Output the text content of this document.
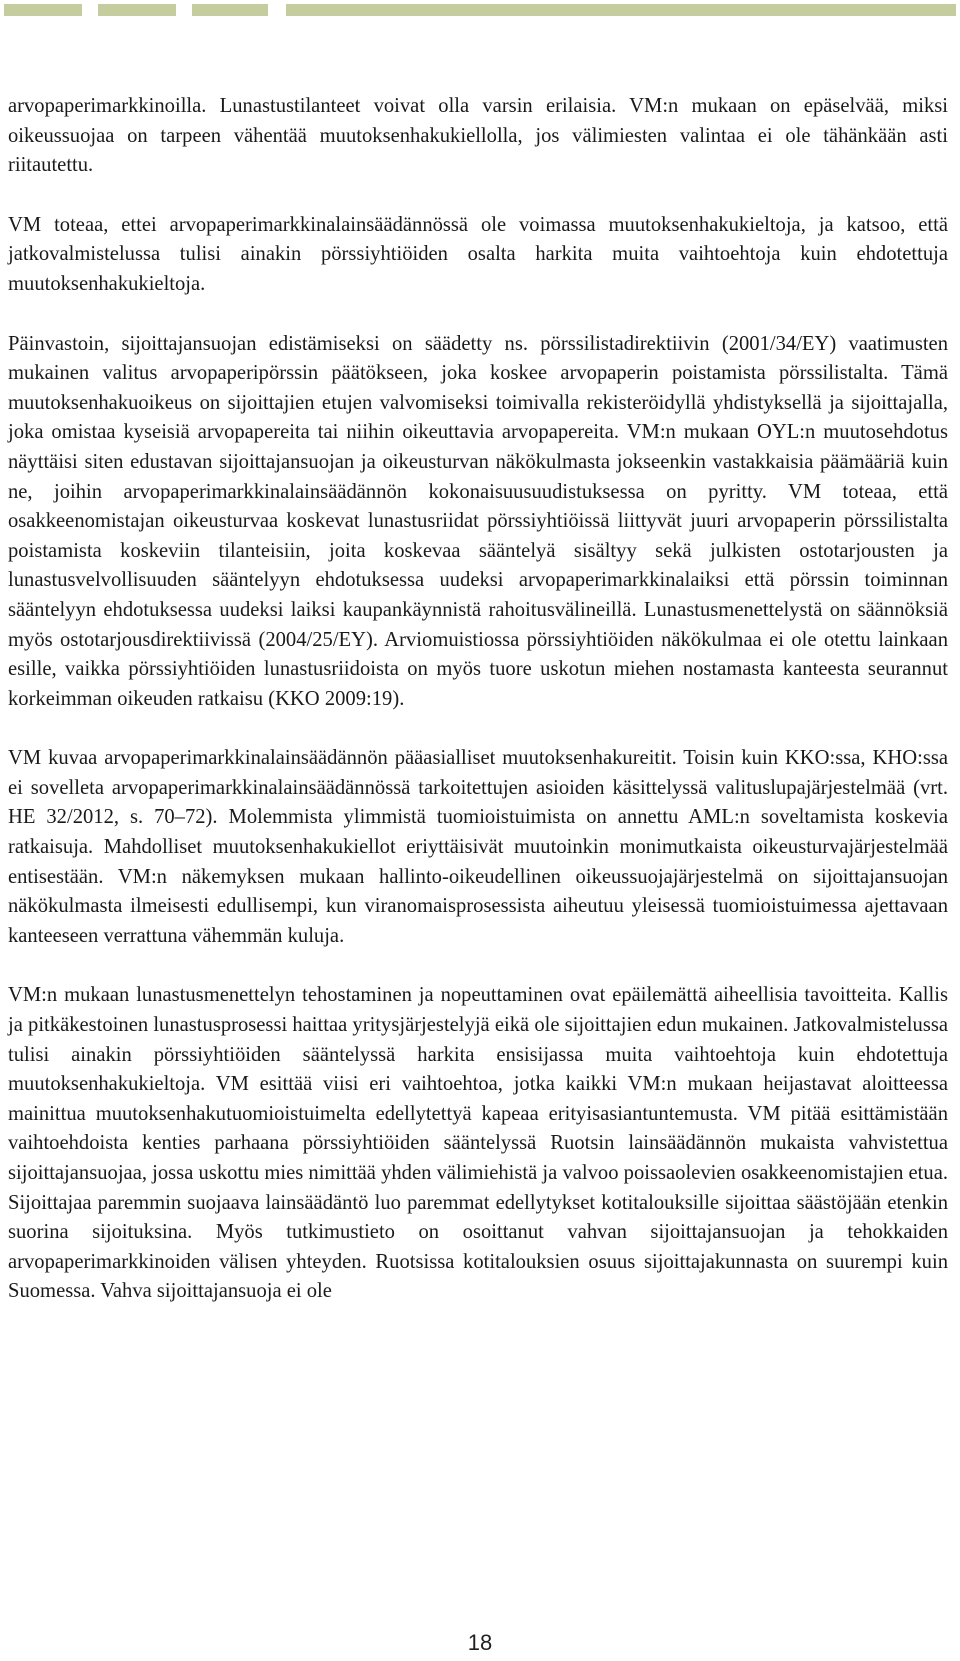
arvopaperimarkkinoilla. Lunastustilanteet voivat olla varsin erilaisia. VM:n mukaan on epäselvää, miksi oikeussuojaa on tarpeen vähentää muutoksenhakukiellolla, jos välimiesten valintaa ei ole tähänkään asti riitautettu.

VM toteaa, ettei arvopaperimarkkinalainsäädännössä ole voimassa muutoksenhakukieltoja, ja katsoo, että jatkovalmistelussa tulisi ainakin pörssiyhtiöiden osalta harkita muita vaihtoehtoja kuin ehdotettuja muutoksenhakukieltoja.

Päinvastoin, sijoittajansuojan edistämiseksi on säädetty ns. pörssilistadirektiivin (2001/34/EY) vaatimusten mukainen valitus arvopaperipörssin päätökseen, joka koskee arvopaperin poistamista pörssilistalta. Tämä muutoksenhakuoikeus on sijoittajien etujen valvomiseksi toimivalla rekisteröidyllä yhdistyksellä ja sijoittajalla, joka omistaa kyseisiä arvopapereita tai niihin oikeuttavia arvopapereita. VM:n mukaan OYL:n muutosehdotus näyttäisi siten edustavan sijoittajansuojan ja oikeusturvan näkökulmasta jokseenkin vastakkaisia päämääriä kuin ne, joihin arvopaperimarkkinalainsäädännön kokonaisuusuudistuksessa on pyritty. VM toteaa, että osakkeenomistajan oikeusturvaa koskevat lunastusriidat pörssiyhtiöissä liittyvät juuri arvopaperin pörssilistalta poistamista koskeviin tilanteisiin, joita koskevaa sääntelyä sisältyy sekä julkisten ostotarjousten ja lunastusvelvollisuuden sääntelyyn ehdotuksessa uudeksi arvopaperimarkkinalaiksi että pörssin toiminnan sääntelyyn ehdotuksessa uudeksi laiksi kaupankäynnistä rahoitusvälineillä. Lunastusmenettelystä on säännöksiä myös ostotarjousdirektiivissä (2004/25/EY). Arviomuistiossa pörssiyhtiöiden näkökulmaa ei ole otettu lainkaan esille, vaikka pörssiyhtiöiden lunastusriidoista on myös tuore uskotun miehen nostamasta kanteesta seurannut korkeimman oikeuden ratkaisu (KKO 2009:19).

VM kuvaa arvopaperimarkkinalainsäädännön pääasialliset muutoksenhakureitit. Toisin kuin KKO:ssa, KHO:ssa ei sovelleta arvopaperimarkkinalainsäädännössä tarkoitettujen asioiden käsittelyssä valituslupajärjestelmää (vrt. HE 32/2012, s. 70–72). Molemmista ylimmistä tuomioistuimista on annettu AML:n soveltamista koskevia ratkaisuja. Mahdolliset muutoksenhakukiellot eriyttäisivät muutoinkin monimutkaista oikeusturvajärjestelmää entisestään. VM:n näkemyksen mukaan hallinto-oikeudellinen oikeussuojajärjestelmä on sijoittajansuojan näkökulmasta ilmeisesti edullisempi, kun viranomaisprosessista aiheutuu yleisessä tuomioistuimessa ajettavaan kanteeseen verrattuna vähemmän kuluja.

VM:n mukaan lunastusmenettelyn tehostaminen ja nopeuttaminen ovat epäilemättä aiheellisia tavoitteita. Kallis ja pitkäkestoinen lunastusprosessi haittaa yritysjärjestelyjä eikä ole sijoittajien edun mukainen. Jatkovalmistelussa tulisi ainakin pörssiyhtiöiden sääntelyssä harkita ensisijassa muita vaihtoehtoja kuin ehdotettuja muutoksenhakukieltoja. VM esittää viisi eri vaihtoehtoa, jotka kaikki VM:n mukaan heijastavat aloitteessa mainittua muutoksenhakutuomioistuimelta edellytettyä kapeaa erityisasiantuntemusta. VM pitää esittämistään vaihtoehdoista kenties parhaana pörssiyhtiöiden sääntelyssä Ruotsin lainsäädännön mukaista vahvistettua sijoittajansuojaa, jossa uskottu mies nimittää yhden välimiehistä ja valvoo poissaolevien osakkeenomistajien etua. Sijoittajaa paremmin suojaava lainsäädäntö luo paremmat edellytykset kotitalouksille sijoittaa säästöjään etenkin suorina sijoituksina. Myös tutkimustieto on osoittanut vahvan sijoittajansuojan ja tehokkaiden arvopaperimarkkinoiden välisen yhteyden. Ruotsissa kotitalouksien osuus sijoittajakunnasta on suurempi kuin Suomessa. Vahva sijoittajansuoja ei ole

18
